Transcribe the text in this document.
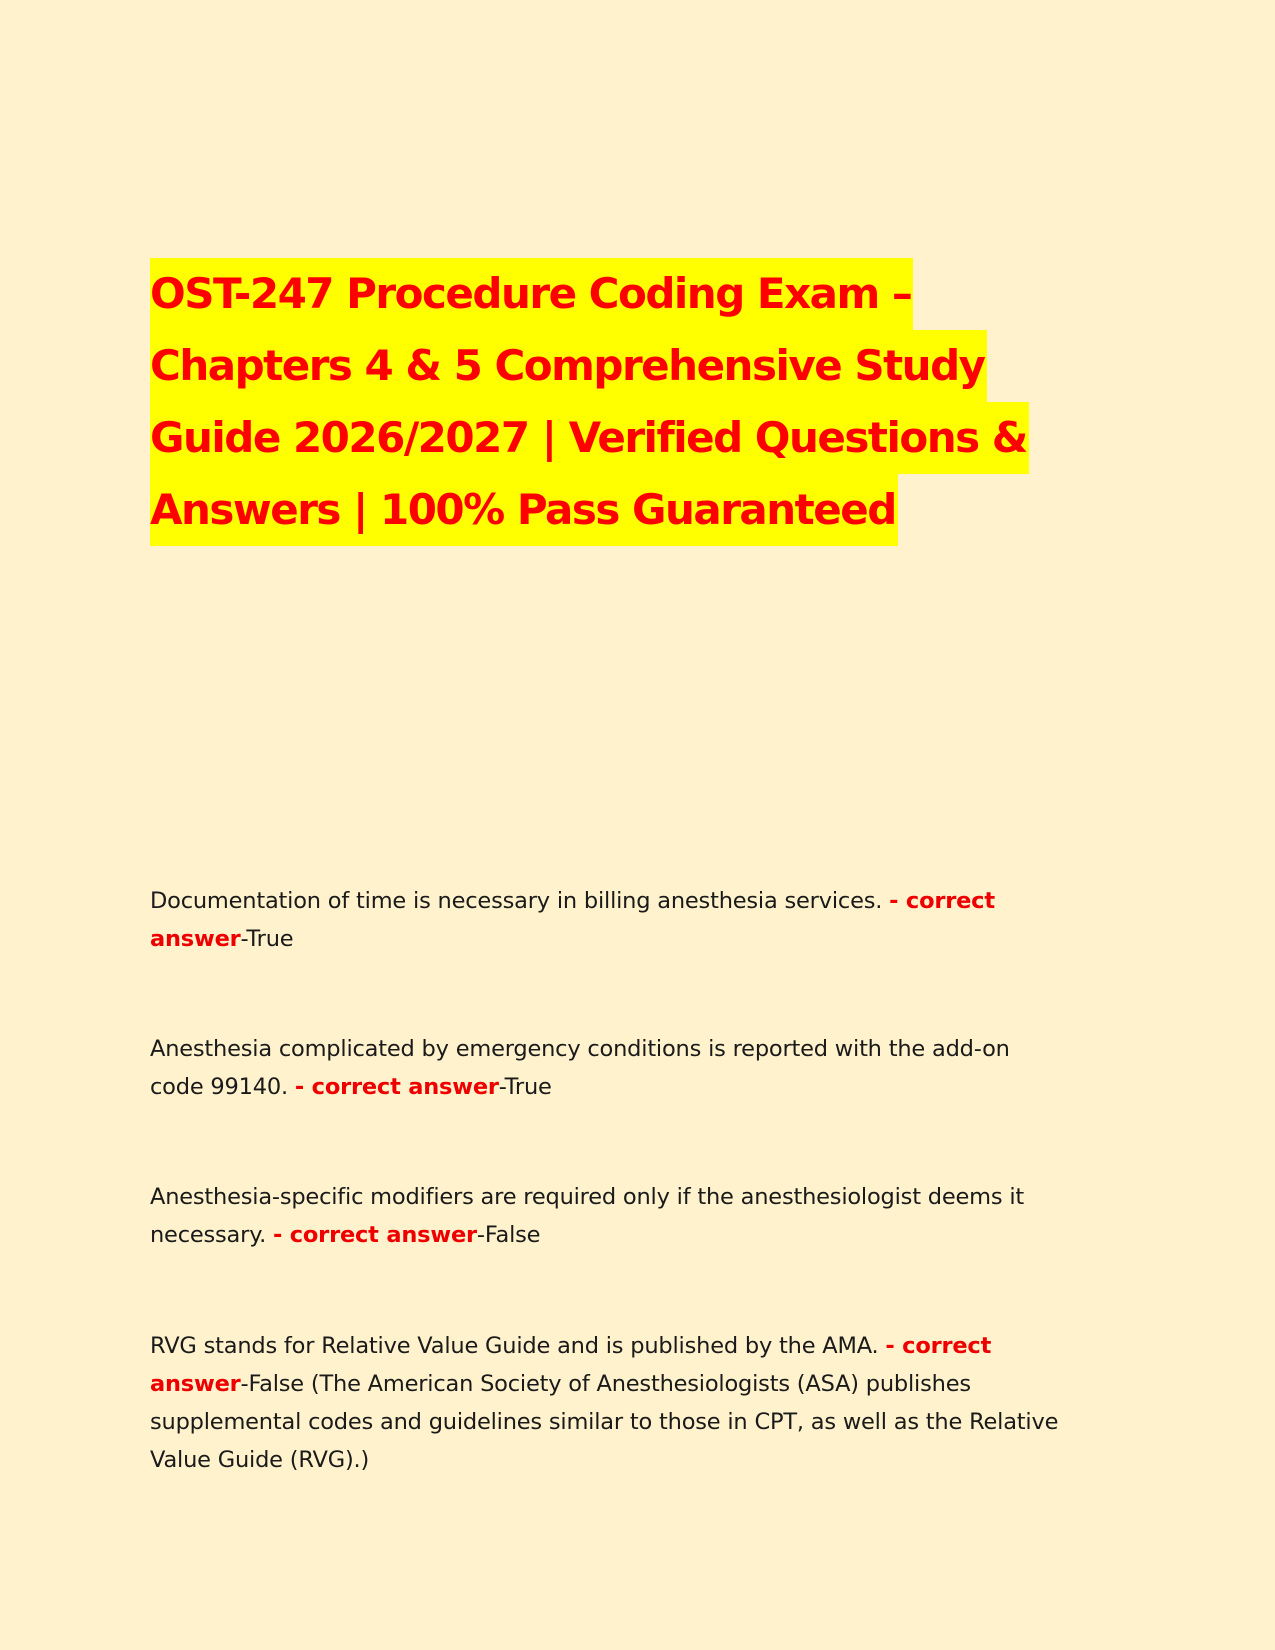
OST-247 Procedure Coding Exam –
Chapters 4 & 5 Comprehensive Study
Guide 2026/2027 | Verified Questions &
Answers | 100% Pass Guaranteed
Documentation of time is necessary in billing anesthesia services. - correct
answer-True
Anesthesia complicated by emergency conditions is reported with the add-on
code 99140. - correct answer-True
Anesthesia-specific modifiers are required only if the anesthesiologist deems it
necessary. - correct answer-False
RVG stands for Relative Value Guide and is published by the AMA. - correct
answer-False (The American Society of Anesthesiologists (ASA) publishes
supplemental codes and guidelines similar to those in CPT, as well as the Relative
Value Guide (RVG).)
